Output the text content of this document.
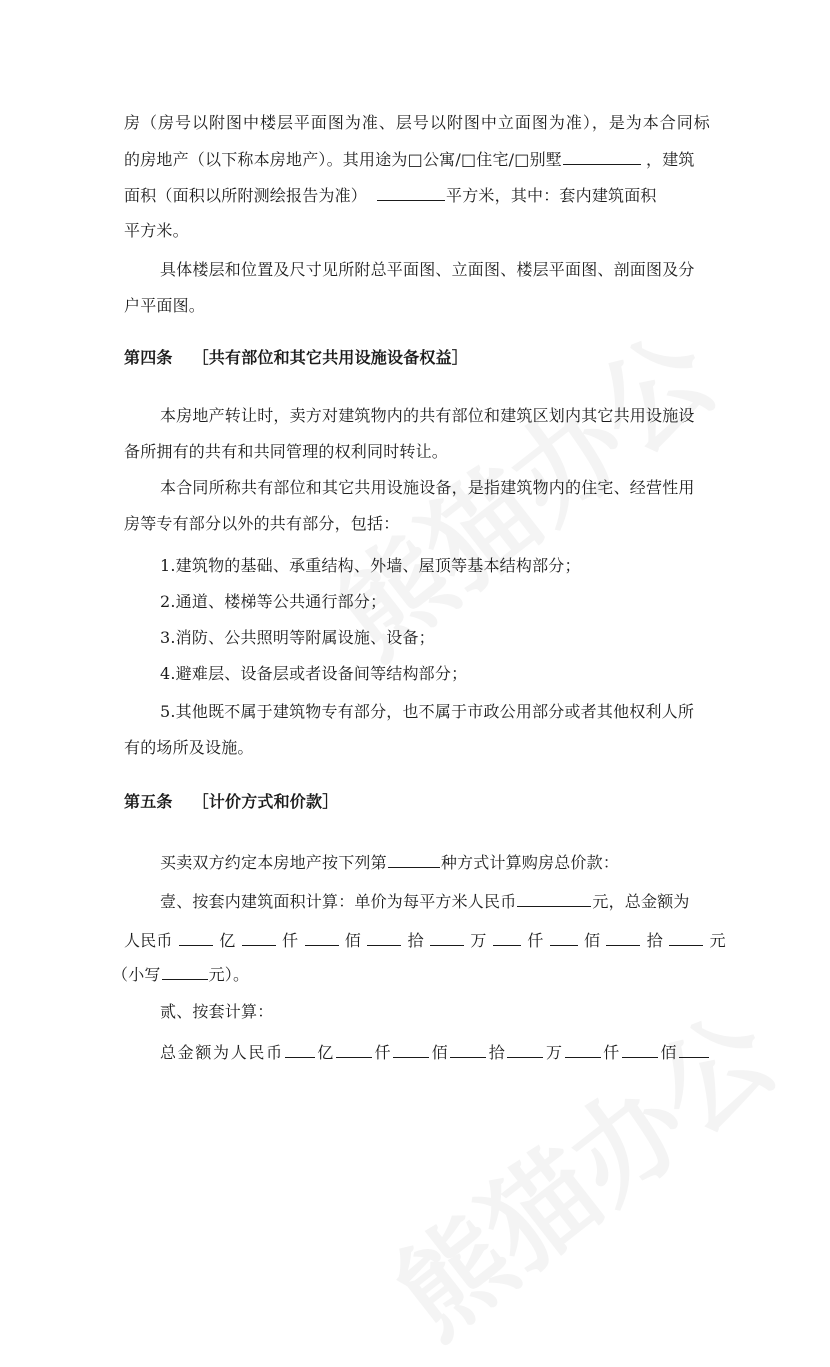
房（房号以附图中楼层平面图为准、层号以附图中立面图为准），是为本合同标
的房地产（以下称本房地产）。其用途为□公寓/□住宅/□别墅	，建筑
面积（面积以所附测绘报告为准）	平方米，其中：套内建筑面积
平方米。
具体楼层和位置及尺寸见所附总平面图、立面图、楼层平面图、剖面图及分
户平面图。
第四条 ［共有部位和其它共用设施设备权益］
本房地产转让时，卖方对建筑物内的共有部位和建筑区划内其它共用设施设
备所拥有的共有和共同管理的权利同时转让。
本合同所称共有部位和其它共用设施设备，是指建筑物内的住宅、经营性用
房等专有部分以外的共有部分，包括：
1.建筑物的基础、承重结构、外墙、屋顶等基本结构部分；
2.通道、楼梯等公共通行部分；
3.消防、公共照明等附属设施、设备；
4.避难层、设备层或者设备间等结构部分；
5.其他既不属于建筑物专有部分，也不属于市政公用部分或者其他权利人所
有的场所及设施。
第五条 ［计价方式和价款］
买卖双方约定本房地产按下列第	种方式计算购房总价款：
壹、按套内建筑面积计算：单价为每平方米人民币	元，总金额为
人民币	亿	仟	佰	拾	万	仟	佰	拾	元
（小写	元）。
贰、按套计算：
总金额为人民币 亿 仟 佰 拾 万 仟 佰
